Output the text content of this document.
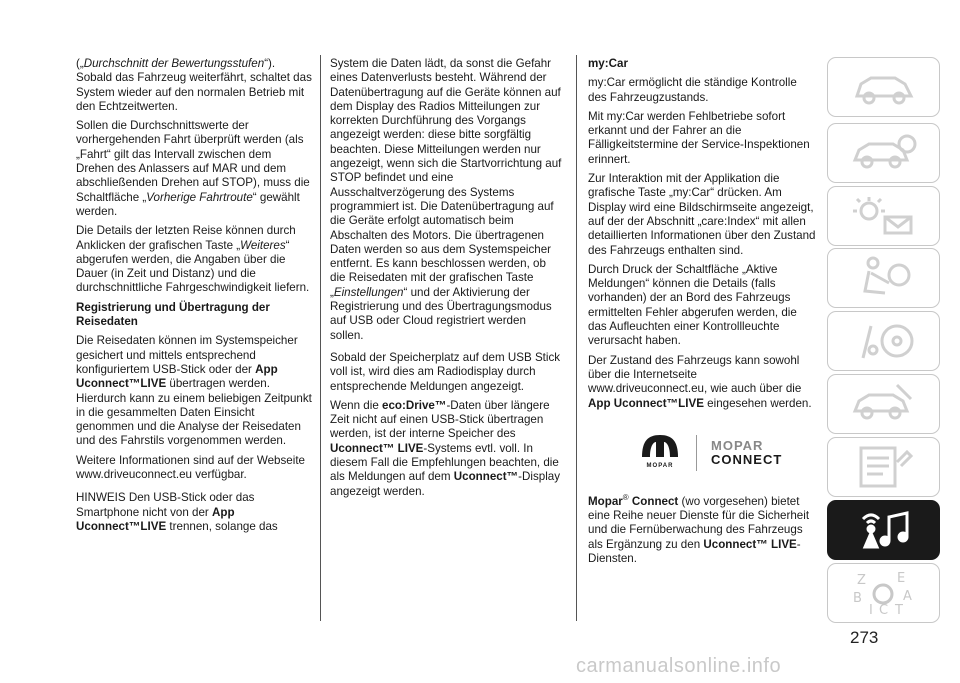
(„Durchschnitt der Bewertungsstufen“). Sobald das Fahrzeug weiterfährt, schaltet das System wieder auf den normalen Betrieb mit den Echtzeitwerten.

Sollen die Durchschnittswerte der vorhergehenden Fahrt überprüft werden (als „Fahrt“ gilt das Intervall zwischen dem Drehen des Anlassers auf MAR und dem abschließenden Drehen auf STOP), muss die Schaltfläche „Vorherige Fahrtroute“ gewählt werden.

Die Details der letzten Reise können durch Anklicken der grafischen Taste „Weiteres“ abgerufen werden, die Angaben über die Dauer (in Zeit und Distanz) und die durchschnittliche Fahrgeschwindigkeit liefern.

Registrierung und Übertragung der Reisedaten

Die Reisedaten können im Systemspeicher gesichert und mittels entsprechend konfiguriertem USB-Stick oder der App Uconnect™LIVE übertragen werden. Hierdurch kann zu einem beliebigen Zeitpunkt in die gesammelten Daten Einsicht genommen und die Analyse der Reisedaten und des Fahrstils vorgenommen werden.

Weitere Informationen sind auf der Webseite www.driveuconnect.eu verfügbar.

HINWEIS Den USB-Stick oder das Smartphone nicht von der App Uconnect™LIVE trennen, solange das

System die Daten lädt, da sonst die Gefahr eines Datenverlusts besteht. Während der Datenübertragung auf die Geräte können auf dem Display des Radios Mitteilungen zur korrekten Durchführung des Vorgangs angezeigt werden: diese bitte sorgfältig beachten. Diese Mitteilungen werden nur angezeigt, wenn sich die Startvorrichtung auf STOP befindet und eine Ausschaltverzögerung des Systems programmiert ist. Die Datenübertragung auf die Geräte erfolgt automatisch beim Abschalten des Motors. Die übertragenen Daten werden so aus dem Systemspeicher entfernt. Es kann beschlossen werden, ob die Reisedaten mit der grafischen Taste „Einstellungen“ und der Aktivierung der Registrierung und des Übertragungsmodus auf USB oder Cloud registriert werden sollen.

Sobald der Speicherplatz auf dem USB Stick voll ist, wird dies am Radiodisplay durch entsprechende Meldungen angezeigt.

Wenn die eco:Drive™-Daten über längere Zeit nicht auf einen USB-Stick übertragen werden, ist der interne Speicher des Uconnect™ LIVE-Systems evtl. voll. In diesem Fall die Empfehlungen beachten, die als Meldungen auf dem Uconnect™-Display angezeigt werden.

my:Car

my:Car ermöglicht die ständige Kontrolle des Fahrzeugzustands.

Mit my:Car werden Fehlbetriebe sofort erkannt und der Fahrer an die Fälligkeitstermine der Service-Inspektionen erinnert.

Zur Interaktion mit der Applikation die grafische Taste „my:Car“ drücken. Am Display wird eine Bildschirmseite angezeigt, auf der der Abschnitt „care:Index“ mit allen detaillierten Informationen über den Zustand des Fahrzeugs enthalten sind.

Durch Druck der Schaltfläche „Aktive Meldungen“ können die Details (falls vorhanden) der an Bord des Fahrzeugs ermittelten Fehler abgerufen werden, die das Aufleuchten einer Kontrollleuchte verursacht haben.

Der Zustand des Fahrzeugs kann sowohl über die Internetseite www.driveuconnect.eu, wie auch über die App Uconnect™LIVE eingesehen werden.

MOPAR
MOPAR
CONNECT

Mopar® Connect (wo vorgesehen) bietet eine Reihe neuer Dienste für die Sicherheit und die Fernüberwachung des Fahrzeugs als Ergänzung zu den Uconnect™ LIVE-Diensten.

Z E
B	A
I C T
273
carmanualsonline.info
